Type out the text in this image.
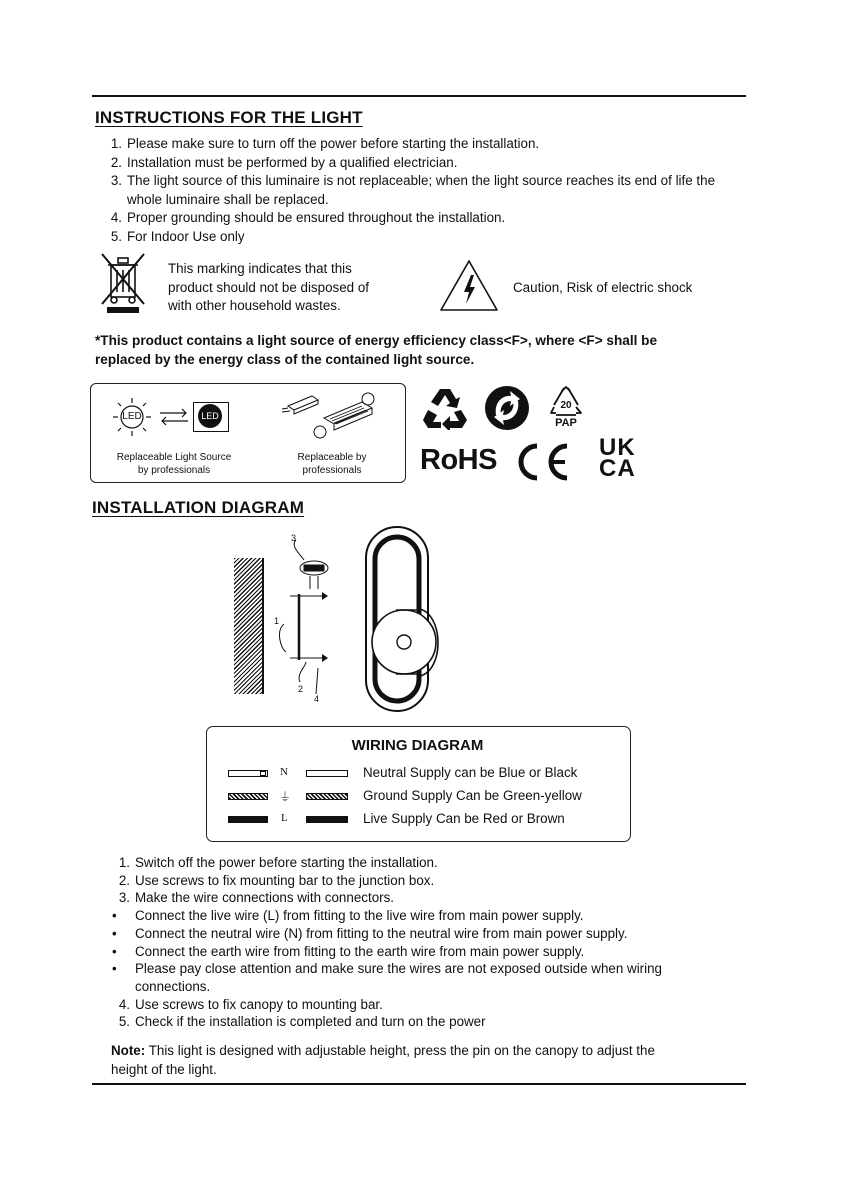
INSTRUCTIONS FOR THE LIGHT
1. Please make sure to turn off the power before starting the installation.
2. Installation must be performed by a qualified electrician.
3. The light source of this luminaire is not replaceable; when the light source reaches its end of life the whole luminaire shall be replaced.
4. Proper grounding should be ensured throughout the installation.
5. For Indoor Use only
This marking indicates that this
product should not be disposed of
with other household wastes.
Caution, Risk of electric shock
*This product contains a light source of energy efficiency class<F>, where <F> shall be
replaced by the energy class of the contained light source.
LED	LED
Replaceable Light Source
by professionals
Replaceable by
professionals
20
PAP
RoHS	UK
CA
INSTALLATION DIAGRAM
3
1
2
4
WIRING DIAGRAM
N	Neutral Supply can be Blue or Black
⏚	Ground Supply Can be Green-yellow
L	Live Supply Can be Red or Brown
1. Switch off the power before starting the installation.
2. Use screws to fix mounting bar to the junction box.
3. Make the wire connections with connectors.
•	Connect the live wire (L) from fitting to the live wire from main power supply.
•	Connect the neutral wire (N) from fitting to the neutral wire from main power supply.
•	Connect the earth wire from fitting to the earth wire from main power supply.
•	Please pay close attention and make sure the wires are not exposed outside when wiring connections.
4. Use screws to fix canopy to mounting bar.
5. Check if the installation is completed and turn on the power
Note: This light is designed with adjustable height, press the pin on the canopy to adjust the height of the light.
